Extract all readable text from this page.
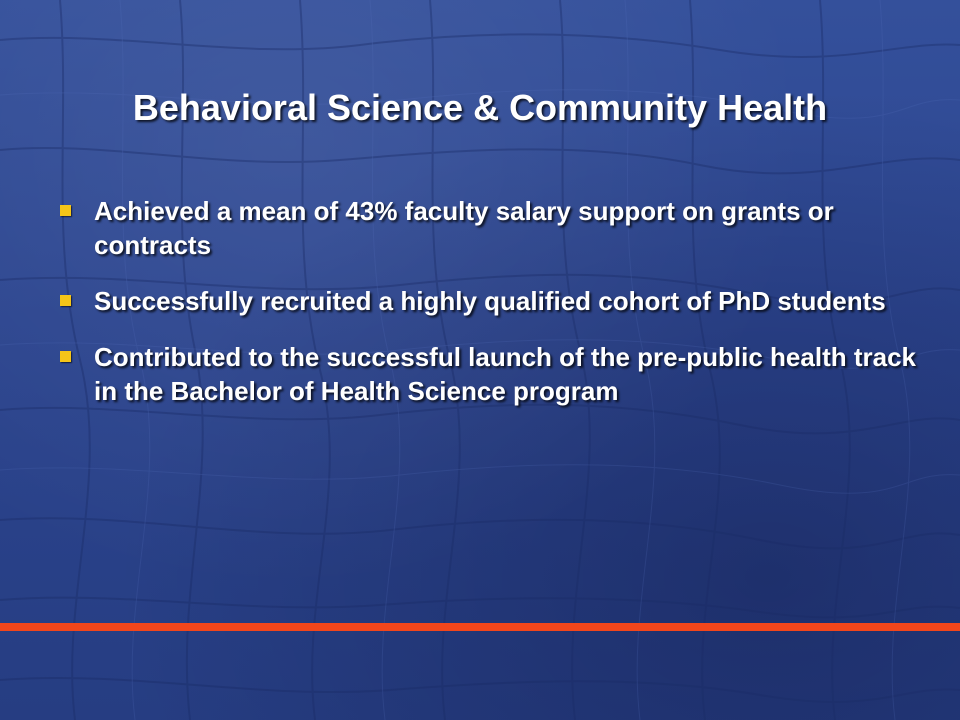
Behavioral Science & Community Health
Achieved a mean of 43% faculty salary support on grants or contracts
Successfully recruited a highly qualified cohort of PhD students
Contributed to the successful launch of the pre-public health track in the Bachelor of Health Science program
